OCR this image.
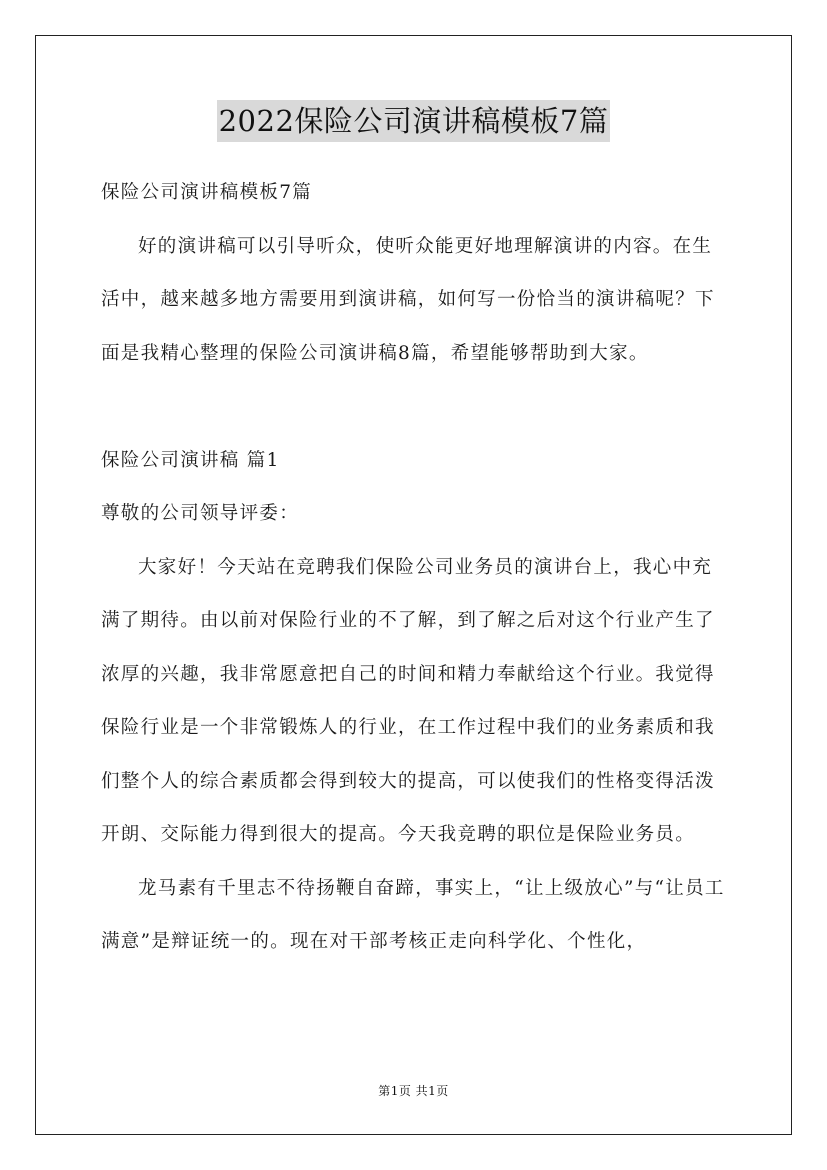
2022保险公司演讲稿模板7篇

保险公司演讲稿模板7篇

好的演讲稿可以引导听众，使听众能更好地理解演讲的内容。在生活中，越来越多地方需要用到演讲稿，如何写一份恰当的演讲稿呢？下面是我精心整理的保险公司演讲稿8篇，希望能够帮助到大家。

保险公司演讲稿 篇1

尊敬的公司领导评委：

大家好！今天站在竞聘我们保险公司业务员的演讲台上，我心中充满了期待。由以前对保险行业的不了解，到了解之后对这个行业产生了浓厚的兴趣，我非常愿意把自己的时间和精力奉献给这个行业。我觉得保险行业是一个非常锻炼人的行业，在工作过程中我们的业务素质和我们整个人的综合素质都会得到较大的提高，可以使我们的性格变得活泼开朗、交际能力得到很大的提高。今天我竞聘的职位是保险业务员。

龙马素有千里志不待扬鞭自奋蹄，事实上，“让上级放心”与“让员工满意”是辩证统一的。现在对干部考核正走向科学化、个性化，

第1页 共1页
